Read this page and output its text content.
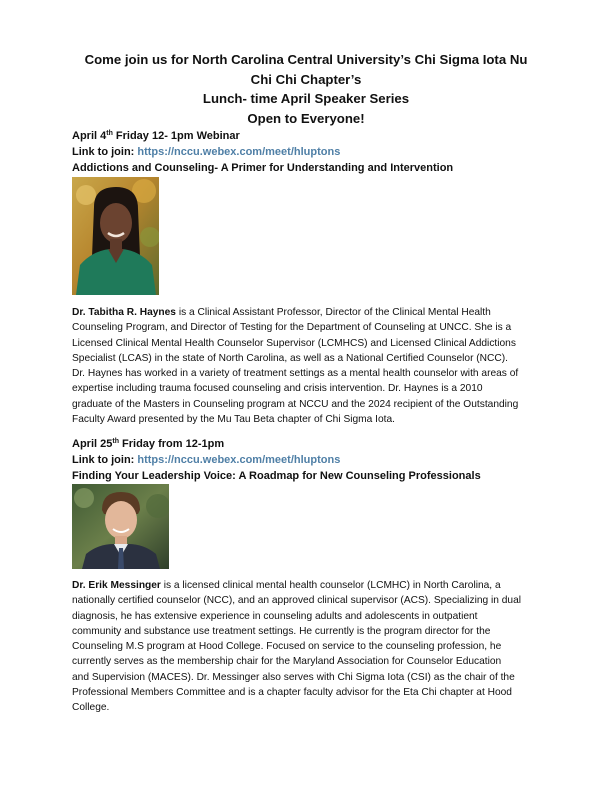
Come join us for North Carolina Central University’s Chi Sigma Iota Nu
Chi Chi Chapter’s
Lunch- time April Speaker Series
Open to Everyone!
April 4th Friday 12- 1pm Webinar
Link to join: https://nccu.webex.com/meet/hluptons
Addictions and Counseling- A Primer for Understanding and Intervention
Dr. Tabitha R. Haynes is a Clinical Assistant Professor, Director of the Clinical Mental Health
Counseling Program, and Director of Testing for the Department of Counseling at UNCC. She is a
Licensed Clinical Mental Health Counselor Supervisor (LCMHCS) and Licensed Clinical Addictions
Specialist (LCAS) in the state of North Carolina, as well as a National Certified Counselor (NCC).
Dr. Haynes has worked in a variety of treatment settings as a mental health counselor with areas of
expertise including trauma focused counseling and crisis intervention. Dr. Haynes is a 2010
graduate of the Masters in Counseling program at NCCU and the 2024 recipient of the Outstanding
Faculty Award presented by the Mu Tau Beta chapter of Chi Sigma Iota.
April 25th Friday from 12-1pm
Link to join: https://nccu.webex.com/meet/hluptons
Finding Your Leadership Voice: A Roadmap for New Counseling Professionals
Dr. Erik Messinger is a licensed clinical mental health counselor (LCMHC) in North Carolina, a
nationally certified counselor (NCC), and an approved clinical supervisor (ACS). Specializing in dual
diagnosis, he has extensive experience in counseling adults and adolescents in outpatient
community and substance use treatment settings. He currently is the program director for the
Counseling M.S program at Hood College. Focused on service to the counseling profession, he
currently serves as the membership chair for the Maryland Association for Counselor Education
and Supervision (MACES). Dr. Messinger also serves with Chi Sigma Iota (CSI) as the chair of the
Professional Members Committee and is a chapter faculty advisor for the Eta Chi chapter at Hood
College.
